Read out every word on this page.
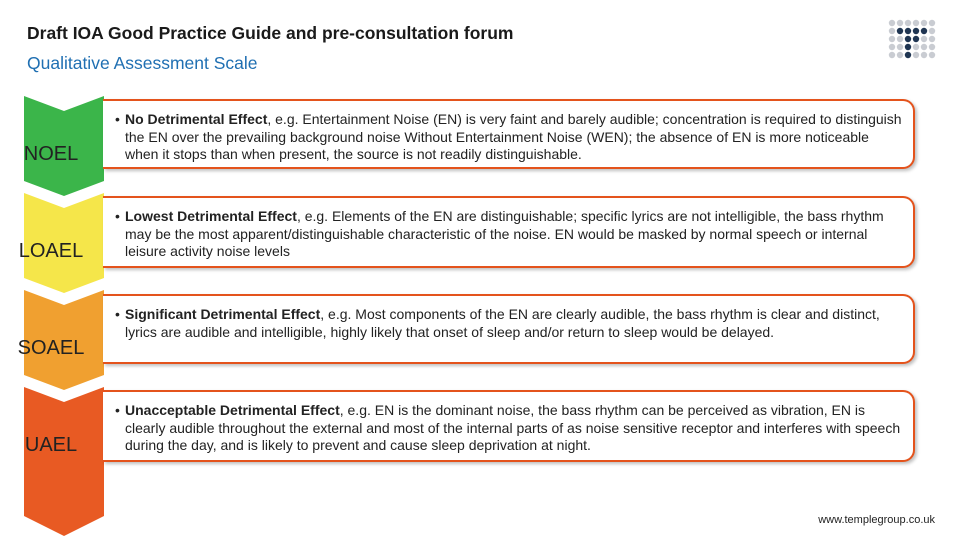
Draft IOA Good Practice Guide and pre-consultation forum
Qualitative Assessment Scale
NOEL
LOAEL
SOAEL
UAEL
• No Detrimental Effect, e.g. Entertainment Noise (EN) is very faint and barely audible; concentration is required to distinguish the EN over the prevailing background noise Without Entertainment Noise (WEN); the absence of EN is more noticeable when it stops than when present, the source is not readily distinguishable.
• Lowest Detrimental Effect, e.g. Elements of the EN are distinguishable; specific lyrics are not intelligible, the bass rhythm may be the most apparent/distinguishable characteristic of the noise. EN would be masked by normal speech or internal leisure activity noise levels
• Significant Detrimental Effect, e.g. Most components of the EN are clearly audible, the bass rhythm is clear and distinct, lyrics are audible and intelligible, highly likely that onset of sleep and/or return to sleep would be delayed.
• Unacceptable Detrimental Effect, e.g. EN is the dominant noise, the bass rhythm can be perceived as vibration, EN is clearly audible throughout the external and most of the internal parts of as noise sensitive receptor and interferes with speech during the day, and is likely to prevent and cause sleep deprivation at night.
www.templegroup.co.uk
